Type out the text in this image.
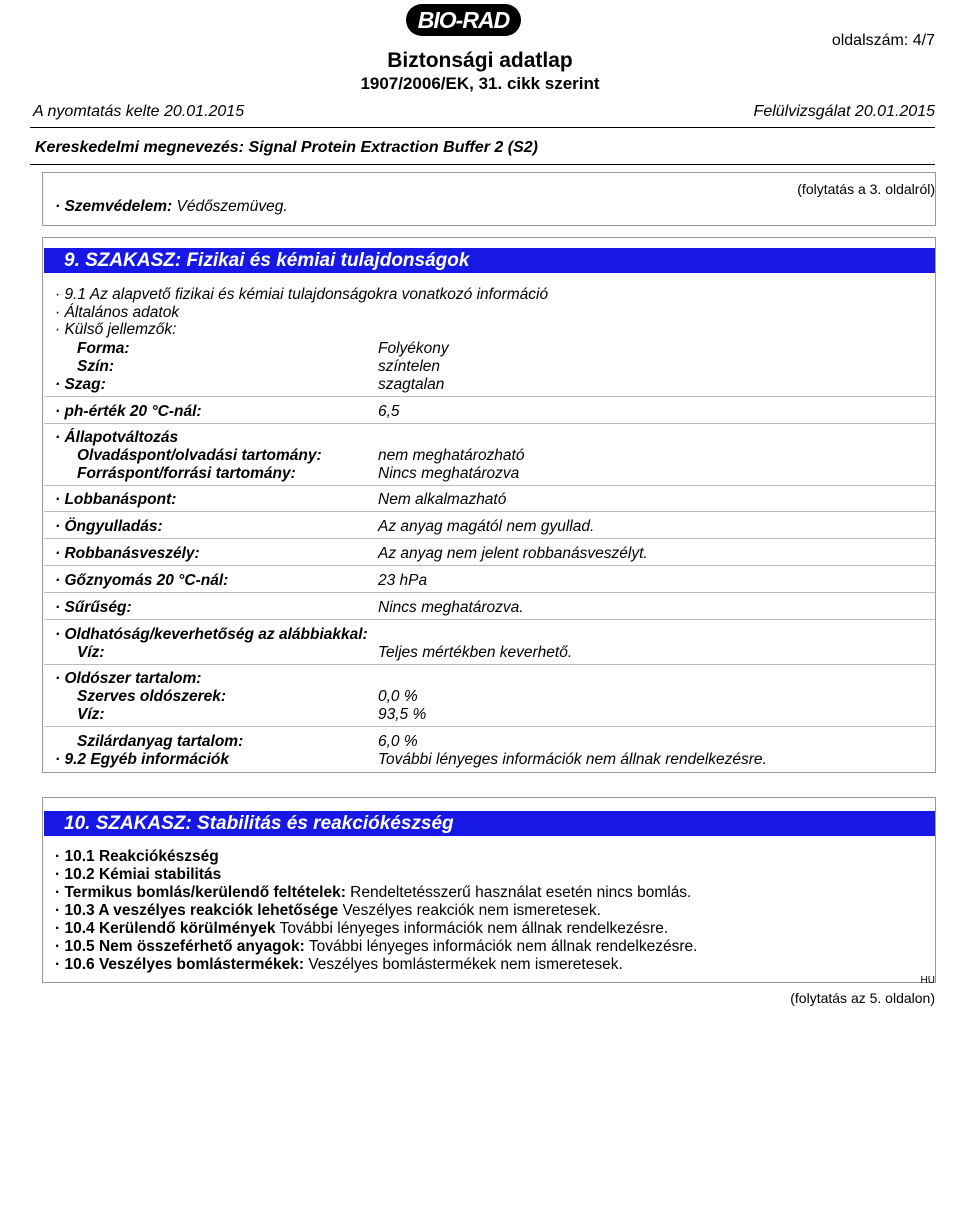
BIO-RAD
oldalszám: 4/7
Biztonsági adatlap
1907/2006/EK, 31. cikk szerint
A nyomtatás kelte 20.01.2015	Felülvizsgálat 20.01.2015
Kereskedelmi megnevezés: Signal Protein Extraction Buffer 2 (S2)
(folytatás a 3. oldalról)
· Szemvédelem: Védőszemüveg.
9. SZAKASZ: Fizikai és kémiai tulajdonságok
· 9.1 Az alapvető fizikai és kémiai tulajdonságokra vonatkozó információ
· Általános adatok
· Külső jellemzők:
Forma:	Folyékony
Szín:	színtelen
· Szag:	szagtalan
· ph-érték 20 °C-nál:	6,5
· Állapotváltozás
Olvadáspont/olvadási tartomány:	nem meghatározható
Forráspont/forrási tartomány:	Nincs meghatározva
· Lobbanáspont:	Nem alkalmazható
· Öngyulladás:	Az anyag magától nem gyullad.
· Robbanásveszély:	Az anyag nem jelent robbanásveszélyt.
· Gőznyomás 20 °C-nál:	23 hPa
· Sűrűség:	Nincs meghatározva.
· Oldhatóság/keverhetőség az alábbiakkal:
Víz:	Teljes mértékben keverhető.
· Oldószer tartalom:
Szerves oldószerek:	0,0 %
Víz:	93,5 %
Szilárdanyag tartalom:	6,0 %
· 9.2 Egyéb információk	További lényeges információk nem állnak rendelkezésre.
10. SZAKASZ: Stabilitás és reakciókészség
· 10.1 Reakciókészség
· 10.2 Kémiai stabilitás
· Termikus bomlás/kerülendő feltételek: Rendeltetésszerű használat esetén nincs bomlás.
· 10.3 A veszélyes reakciók lehetősége Veszélyes reakciók nem ismeretesek.
· 10.4 Kerülendő körülmények További lényeges információk nem állnak rendelkezésre.
· 10.5 Nem összeférhető anyagok: További lényeges információk nem állnak rendelkezésre.
· 10.6 Veszélyes bomlástermékek: Veszélyes bomlástermékek nem ismeretesek.
HU
(folytatás az 5. oldalon)
